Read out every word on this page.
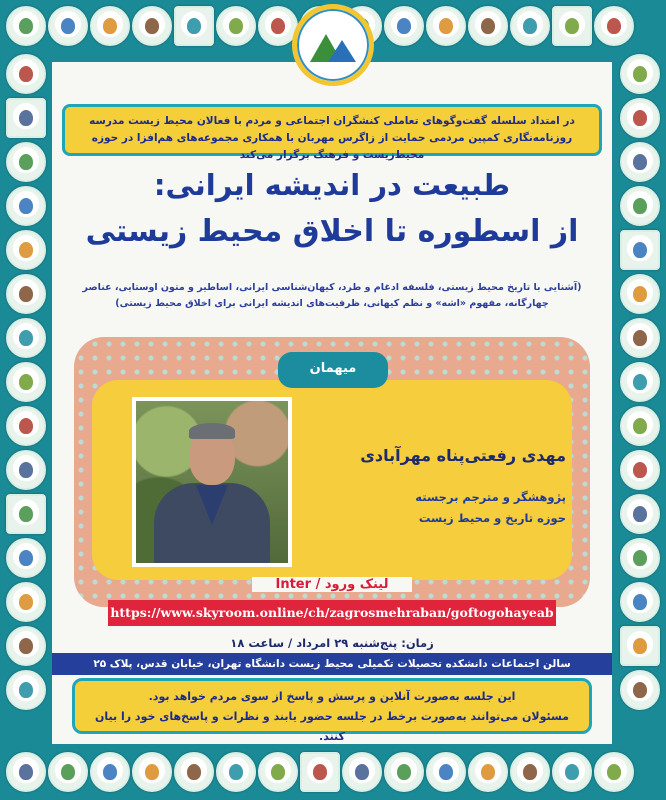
در امتداد سلسله گفت‌وگوهای تعاملی کنشگران اجتماعی و مردم با فعالان محیط زیست مدرسه روزنامه‌نگاری کمپین مردمی حمایت از زاگرس مهربان با همکاری مجموعه‌های هم‌افزا در حوزه محیط‌زیست و فرهنگ برگزار می‌کند
طبیعت در اندیشه ایرانی:
از اسطوره تا اخلاق محیط زیستی
(آشنایی با تاریخ محیط زیستی، فلسفه ادغام و طرد، کیهان‌شناسی ایرانی، اساطیر و متون اوستایی، عناصر چهارگانه، مفهوم «اشه» و نظم کیهانی، ظرفیت‌های اندیشه ایرانی برای اخلاق محیط زیستی)
میهمان
مهدی رفعتی‌پناه مهرآبادی
پژوهشگر و مترجم برجسته
حوزه تاریخ و محیط زیست
لینک ورود / Inter
https://www.skyroom.online/ch/zagrosmehraban/goftogohayeab
زمان: پنج‌شنبه ۲۹ امرداد / ساعت ۱۸
سالن اجتماعات دانشکده تحصیلات تکمیلی محیط زیست دانشگاه تهران، خیابان قدس، پلاک ۲۵
این جلسه به‌صورت آنلاین و پرسش و پاسخ از سوی مردم خواهد بود.
مسئولان می‌توانند به‌صورت برخط در جلسه حضور یابند و نظرات و پاسخ‌های خود را بیان کنند.
